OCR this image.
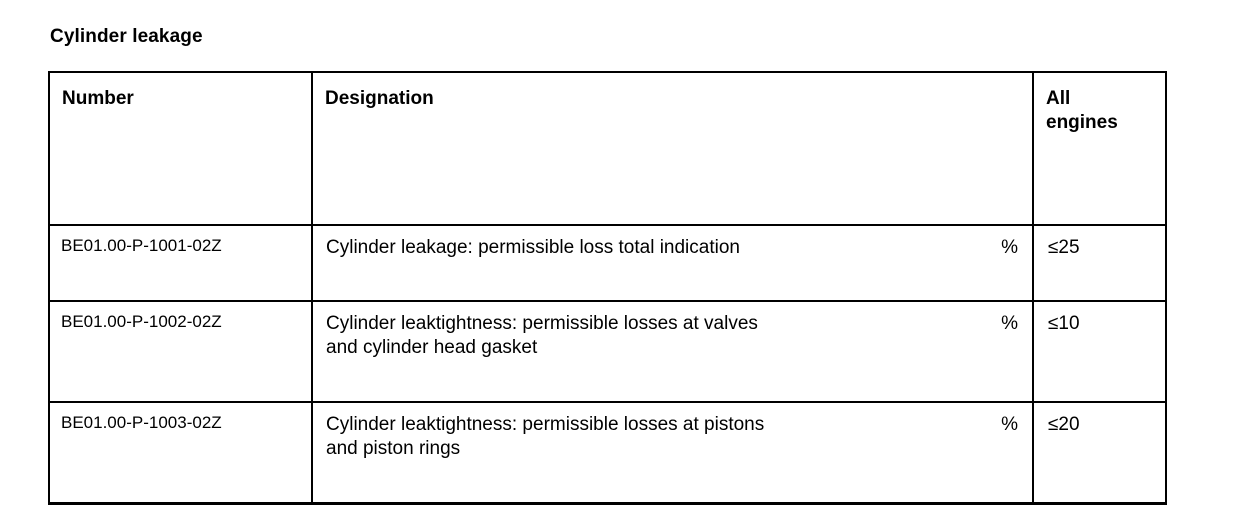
Cylinder leakage
Number	Designation	All
engines

BE01.00-P-1001-02Z	Cylinder leakage: permissible loss total indication %	≤25
BE01.00-P-1002-02Z	Cylinder leaktightness: permissible losses at valves
and cylinder head gasket
%	≤10
BE01.00-P-1003-02Z	Cylinder leaktightness: permissible losses at pistons
and piston rings
%	≤20
